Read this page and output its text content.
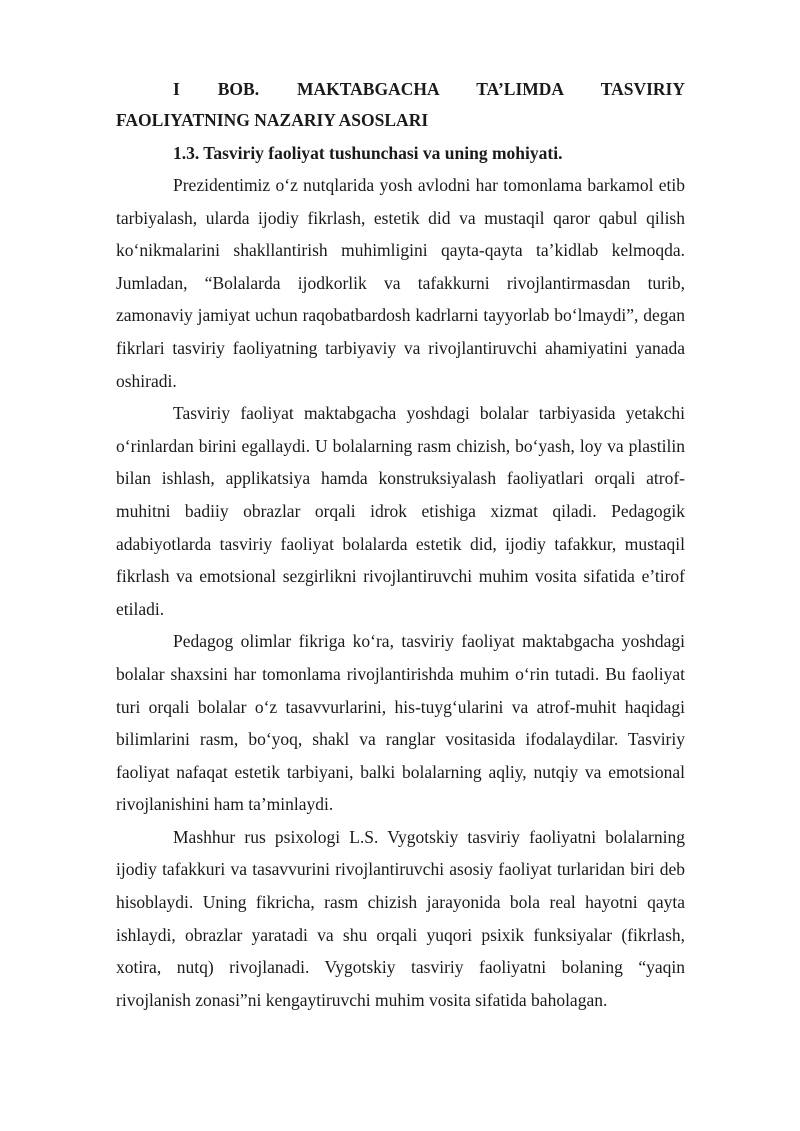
I BOB. MAKTABGACHA TA’LIMDA TASVIRIY FAOLIYATNING NAZARIY ASOSLARI

1.3. Tasviriy faoliyat tushunchasi va uning mohiyati.

Prezidentimiz o‘z nutqlarida yosh avlodni har tomonlama barkamol etib tarbiyalash, ularda ijodiy fikrlash, estetik did va mustaqil qaror qabul qilish ko‘nikmalarini shakllantirish muhimligini qayta-qayta ta’kidlab kelmoqda. Jumladan, “Bolalarda ijodkorlik va tafakkurni rivojlantirmasdan turib, zamonaviy jamiyat uchun raqobatbardosh kadrlarni tayyorlab bo‘lmaydi”, degan fikrlari tasviriy faoliyatning tarbiyaviy va rivojlantiruvchi ahamiyatini yanada oshiradi.

Tasviriy faoliyat maktabgacha yoshdagi bolalar tarbiyasida yetakchi o‘rinlardan birini egallaydi. U bolalarning rasm chizish, bo‘yash, loy va plastilin bilan ishlash, applikatsiya hamda konstruksiyalash faoliyatlari orqali atrof-muhitni badiiy obrazlar orqali idrok etishiga xizmat qiladi. Pedagogik adabiyotlarda tasviriy faoliyat bolalarda estetik did, ijodiy tafakkur, mustaqil fikrlash va emotsional sezgirlikni rivojlantiruvchi muhim vosita sifatida e’tirof etiladi.

Pedagog olimlar fikriga ko‘ra, tasviriy faoliyat maktabgacha yoshdagi bolalar shaxsini har tomonlama rivojlantirishda muhim o‘rin tutadi. Bu faoliyat turi orqali bolalar o‘z tasavvurlarini, his-tuyg‘ularini va atrof-muhit haqidagi bilimlarini rasm, bo‘yoq, shakl va ranglar vositasida ifodalaydilar. Tasviriy faoliyat nafaqat estetik tarbiyani, balki bolalarning aqliy, nutqiy va emotsional rivojlanishini ham ta’minlaydi.

Mashhur rus psixologi L.S. Vygotskiy tasviriy faoliyatni bolalarning ijodiy tafakkuri va tasavvurini rivojlantiruvchi asosiy faoliyat turlaridan biri deb hisoblaydi. Uning fikricha, rasm chizish jarayonida bola real hayotni qayta ishlaydi, obrazlar yaratadi va shu orqali yuqori psixik funksiyalar (fikrlash, xotira, nutq) rivojlanadi. Vygotskiy tasviriy faoliyatni bolaning “yaqin rivojlanish zonasi”ni kengaytiruvchi muhim vosita sifatida baholagan.
